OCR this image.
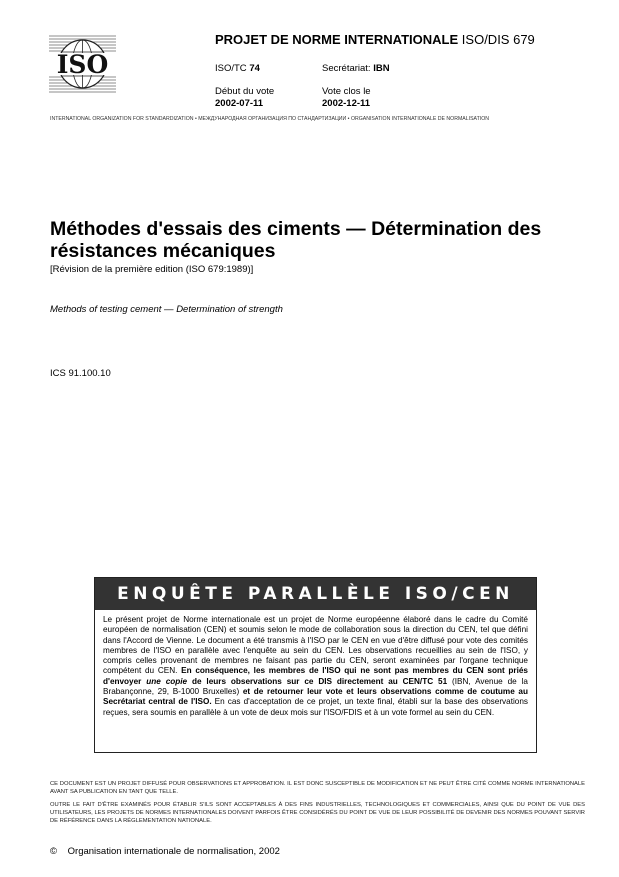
ISO
PROJET DE NORME INTERNATIONALE ISO/DIS 679
ISO/TC 74	Secrétariat: IBN
Début du vote
2002-07-11
Vote clos le
2002-12-11
INTERNATIONAL ORGANIZATION FOR STANDARDIZATION • МЕЖДУНАРОДНАЯ ОРГАНИЗАЦИЯ ПО СТАНДАРТИЗАЦИИ • ORGANISATION INTERNATIONALE DE NORMALISATION
Méthodes d'essais des ciments — Détermination des résistances mécaniques
[Révision de la première edition (ISO 679:1989)]
Methods of testing cement — Determination of strength
ICS 91.100.10
ENQUÊTE PARALLÈLE ISO/CEN
Le présent projet de Norme internationale est un projet de Norme européenne élaboré dans le cadre du Comité européen de normalisation (CEN) et soumis selon le mode de collaboration sous la direction du CEN, tel que défini dans l'Accord de Vienne. Le document a été transmis à l'ISO par le CEN en vue d'être diffusé pour vote des comités membres de l'ISO en parallèle avec l'enquête au sein du CEN. Les observations recueillies au sein de l'ISO, y compris celles provenant de membres ne faisant pas partie du CEN, seront examinées par l'organe technique compétent du CEN. En conséquence, les membres de l'ISO qui ne sont pas membres du CEN sont priés d'envoyer une copie de leurs observations sur ce DIS directement au CEN/TC 51 (IBN, Avenue de la Brabançonne, 29, B-1000 Bruxelles) et de retourner leur vote et leurs observations comme de coutume au Secrétariat central de l'ISO. En cas d'acceptation de ce projet, un texte final, établi sur la base des observations reçues, sera soumis en parallèle à un vote de deux mois sur l'ISO/FDIS et à un vote formel au sein du CEN.
CE DOCUMENT EST UN PROJET DIFFUSÉ POUR OBSERVATIONS ET APPROBATION. IL EST DONC SUSCEPTIBLE DE MODIFICATION ET NE PEUT ÊTRE CITÉ COMME NORME INTERNATIONALE AVANT SA PUBLICATION EN TANT QUE TELLE.
OUTRE LE FAIT D'ÊTRE EXAMINÉS POUR ÉTABLIR S'ILS SONT ACCEPTABLES À DES FINS INDUSTRIELLES, TECHNOLOGIQUES ET COMMERCIALES, AINSI QUE DU POINT DE VUE DES UTILISATEURS, LES PROJETS DE NORMES INTERNATIONALES DOIVENT PARFOIS ÊTRE CONSIDÉRÉS DU POINT DE VUE DE LEUR POSSIBILITÉ DE DEVENIR DES NORMES POUVANT SERVIR DE RÉFÉRENCE DANS LA RÉGLEMENTATION NATIONALE.
© Organisation internationale de normalisation, 2002
